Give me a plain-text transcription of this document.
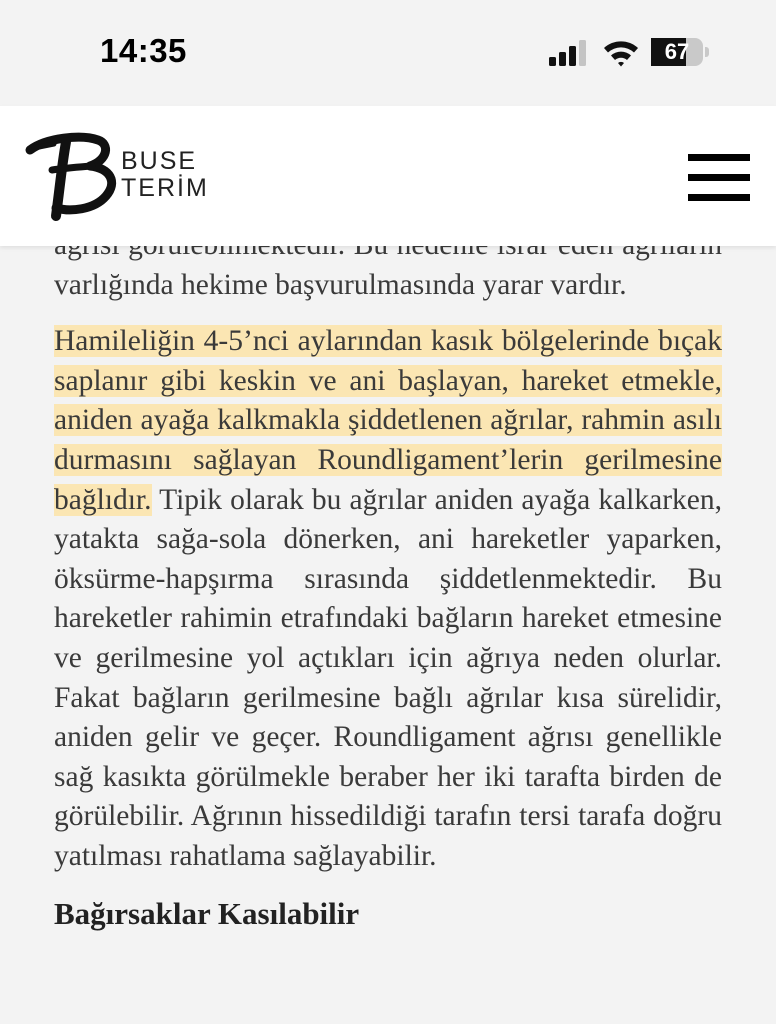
14:35	67
BUSE
TERİM

varlığında hekime başvurulmasında yarar vardır.

Hamileliğin 4-5’nci aylarından kasık bölgelerinde bıçak saplanır gibi keskin ve ani başlayan, hareket etmekle, aniden ayağa kalkmakla şiddetlenen ağrılar, rahmin asılı durmasını sağlayan Roundligament’lerin gerilmesine bağlıdır. Tipik olarak bu ağrılar aniden ayağa kalkarken, yatakta sağa-sola dönerken, ani hareketler yaparken, öksürme-hapşırma sırasında şiddetlenmektedir. Bu hareketler rahimin etrafındaki bağların hareket etmesine ve gerilmesine yol açtıkları için ağrıya neden olurlar. Fakat bağların gerilmesine bağlı ağrılar kısa sürelidir, aniden gelir ve geçer. Roundligament ağrısı genellikle sağ kasıkta görülmekle beraber her iki tarafta birden de görülebilir. Ağrının hissedildiği tarafın tersi tarafa doğru yatılması rahatlama sağlayabilir.

Bağırsaklar Kasılabilir
